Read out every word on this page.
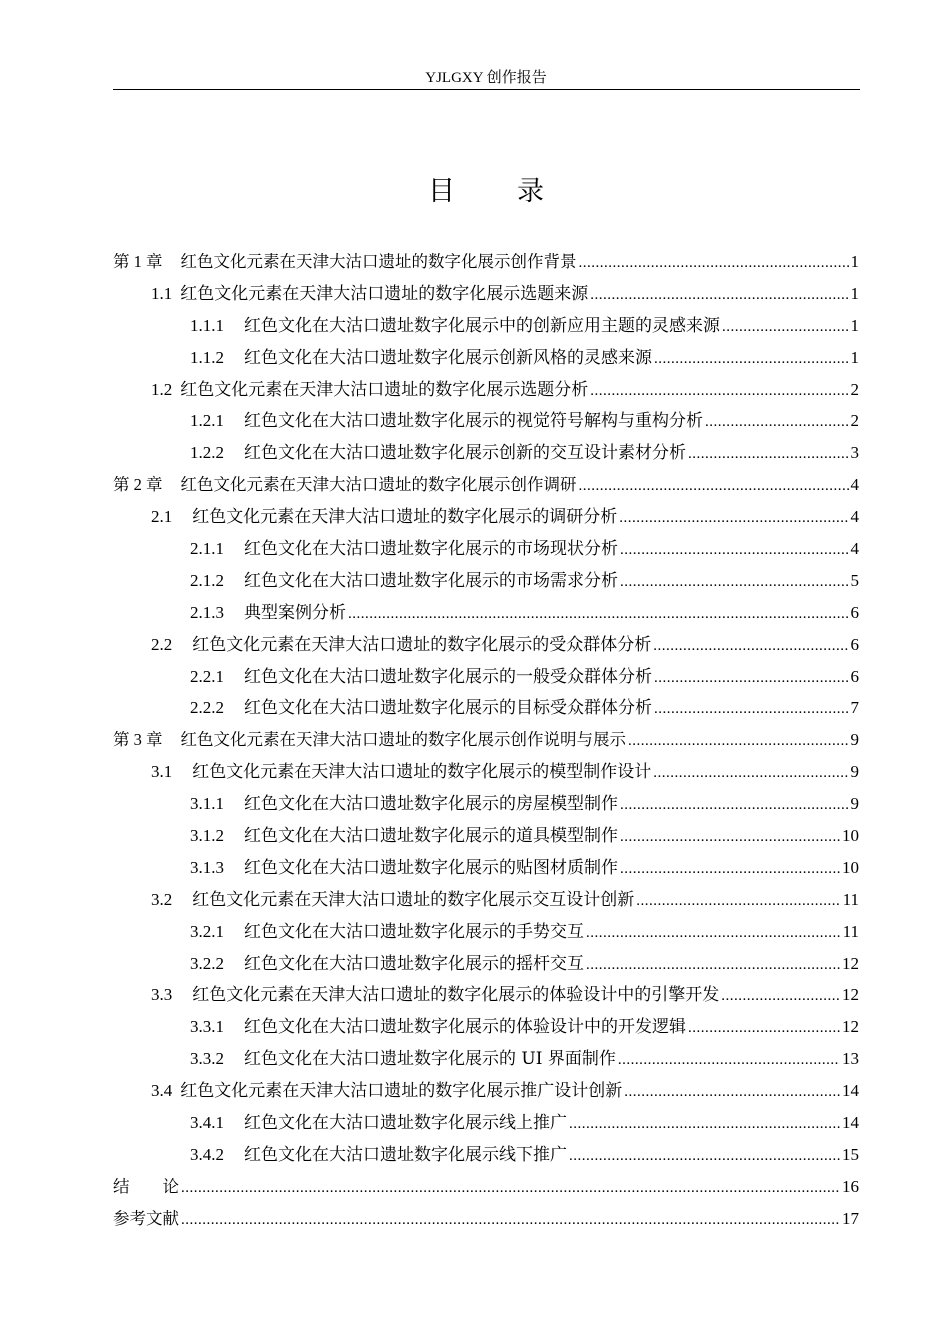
YJLGXY 创作报告
目 录
第 1 章 红色文化元素在天津大沽口遗址的数字化展示创作背景 .....	1
1.1 红色文化元素在天津大沽口遗址的数字化展示选题来源 .....	1
1.1.1 红色文化在大沽口遗址数字化展示中的创新应用主题的灵感来源 .....	1
1.1.2 红色文化在大沽口遗址数字化展示创新风格的灵感来源 .....	1
1.2 红色文化元素在天津大沽口遗址的数字化展示选题分析 .....	2
1.2.1 红色文化在大沽口遗址数字化展示的视觉符号解构与重构分析 .....	2
1.2.2 红色文化在大沽口遗址数字化展示创新的交互设计素材分析 .....	3
第 2 章 红色文化元素在天津大沽口遗址的数字化展示创作调研 .....	4
2.1 红色文化元素在天津大沽口遗址的数字化展示的调研分析 .....	4
2.1.1 红色文化在大沽口遗址数字化展示的市场现状分析 .....	4
2.1.2 红色文化在大沽口遗址数字化展示的市场需求分析 .....	5
2.1.3 典型案例分析 .....	6
2.2 红色文化元素在天津大沽口遗址的数字化展示的受众群体分析 .....	6
2.2.1 红色文化在大沽口遗址数字化展示的一般受众群体分析 .....	6
2.2.2 红色文化在大沽口遗址数字化展示的目标受众群体分析 .....	7
第 3 章 红色文化元素在天津大沽口遗址的数字化展示创作说明与展示 .....	9
3.1 红色文化元素在天津大沽口遗址的数字化展示的模型制作设计 .....	9
3.1.1 红色文化在大沽口遗址数字化展示的房屋模型制作 .....	9
3.1.2 红色文化在大沽口遗址数字化展示的道具模型制作 .....	10
3.1.3 红色文化在大沽口遗址数字化展示的贴图材质制作 .....	10
3.2 红色文化元素在天津大沽口遗址的数字化展示交互设计创新 .....	11
3.2.1 红色文化在大沽口遗址数字化展示的手势交互 .....	11
3.2.2 红色文化在大沽口遗址数字化展示的摇杆交互 .....	12
3.3 红色文化元素在天津大沽口遗址的数字化展示的体验设计中的引擎开发 .....	12
3.3.1 红色文化在大沽口遗址数字化展示的体验设计中的开发逻辑 .....	12
3.3.2 红色文化在大沽口遗址数字化展示的 UI 界面制作 .....	13
3.4 红色文化元素在天津大沽口遗址的数字化展示推广设计创新 .....	14
3.4.1 红色文化在大沽口遗址数字化展示线上推广 .....	14
3.4.2 红色文化在大沽口遗址数字化展示线下推广 .....	15
结　　论 .....	16
参考文献 .....	17
